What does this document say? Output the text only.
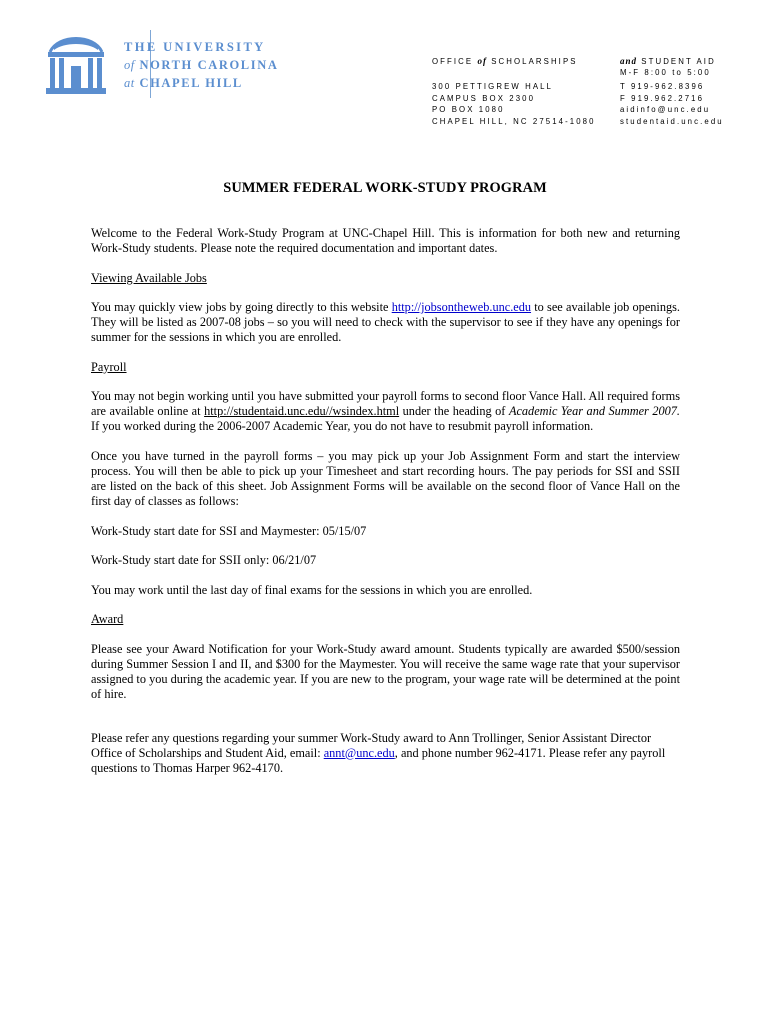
THE UNIVERSITY
of NORTH CAROLINA
at CHAPEL HILL
OFFICE of SCHOLARSHIPS	and STUDENT AID
M-F 8:00 to 5:00
300 PETTIGREW HALL
CAMPUS BOX 2300
PO BOX 1080
CHAPEL HILL, NC 27514-1080
T 919-962.8396
F 919.962.2716
aidinfo@unc.edu
studentaid.unc.edu
SUMMER FEDERAL WORK-STUDY PROGRAM

Welcome to the Federal Work-Study Program at UNC-Chapel Hill. This is information for both new and returning Work-Study students. Please note the required documentation and important dates.

Viewing Available Jobs

You may quickly view jobs by going directly to this website http://jobsontheweb.unc.edu to see available job openings. They will be listed as 2007-08 jobs – so you will need to check with the supervisor to see if they have any openings for summer for the sessions in which you are enrolled.

Payroll

You may not begin working until you have submitted your payroll forms to second floor Vance Hall. All required forms are available online at http://studentaid.unc.edu//wsindex.html under the heading of Academic Year and Summer 2007. If you worked during the 2006-2007 Academic Year, you do not have to resubmit payroll information.

Once you have turned in the payroll forms – you may pick up your Job Assignment Form and start the interview process. You will then be able to pick up your Timesheet and start recording hours. The pay periods for SSI and SSII are listed on the back of this sheet. Job Assignment Forms will be available on the second floor of Vance Hall on the first day of classes as follows:

Work-Study start date for SSI and Maymester: 05/15/07

Work-Study start date for SSII only: 06/21/07

You may work until the last day of final exams for the sessions in which you are enrolled.

Award

Please see your Award Notification for your Work-Study award amount. Students typically are awarded $500/session during Summer Session I and II, and $300 for the Maymester. You will receive the same wage rate that your supervisor assigned to you during the academic year. If you are new to the program, your wage rate will be determined at the point of hire.

Please refer any questions regarding your summer Work-Study award to Ann Trollinger, Senior Assistant Director Office of Scholarships and Student Aid, email: annt@unc.edu, and phone number 962-4171. Please refer any payroll questions to Thomas Harper 962-4170.
